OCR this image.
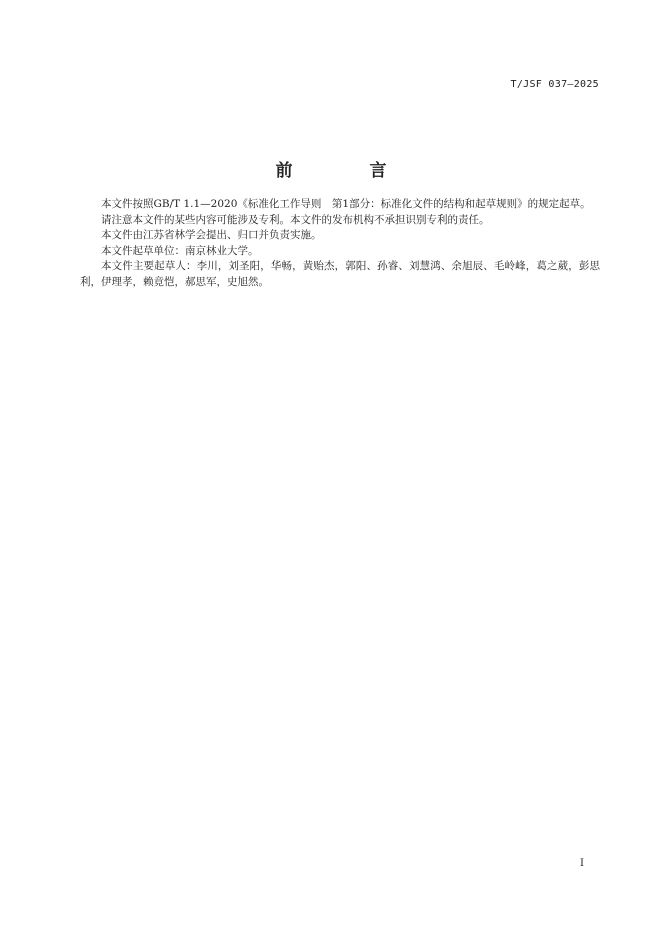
T/JSF 037—2025
前　言

本文件按照GB/T 1.1—2020《标准化工作导则　第1部分：标准化文件的结构和起草规则》的规定起草。

请注意本文件的某些内容可能涉及专利。本文件的发布机构不承担识别专利的责任。

本文件由江苏省林学会提出、归口并负责实施。

本文件起草单位：南京林业大学。

本文件主要起草人：李川，刘圣阳，华畅，黄贻杰，郭阳、孙睿、刘慧鸿、余旭辰、毛岭峰，葛之葳，彭思利，伊理孝，赖竟恺，郝思军，史旭然。

I
